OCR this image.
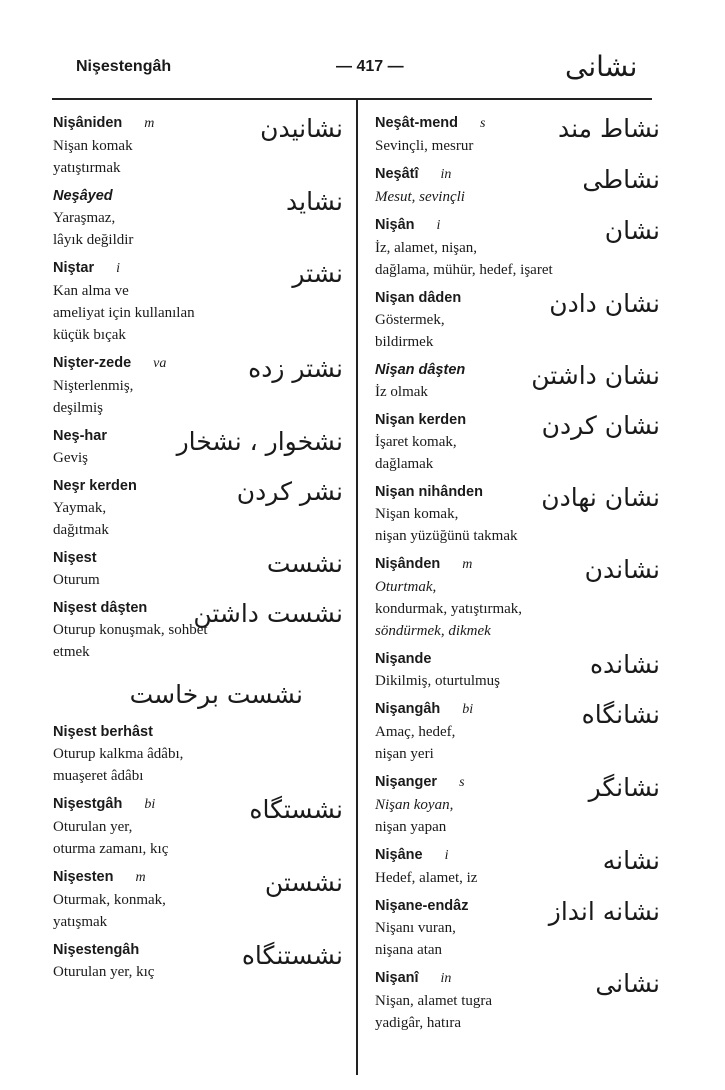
Nişestengâh	— 417 —	نشانی
Nişâniden m	نشانیدن
Nişan komak
yatıştırmak
Neşâyed	نشاید
Yaraşmaz,
lâyık değildir
Niştar i	نشتر
Kan alma ve
ameliyat için kullanılan
küçük bıçak
Nişter-zede va	نشتر زده
Nişterlenmiş,
deşilmiş
Neş-har	نشخوار ، نشخار
Geviş
Neşr kerden	نشر کردن
Yaymak,
dağıtmak
Nişest	نشست
Oturum
Nişest dâşten	نشست داشتن
Oturup konuşmak, sohbet
etmek
نشست برخاست
Nişest berhâst
Oturup kalkma âdâbı,
muaşeret âdâbı
Nişestgâh bi	نشستگاه
Oturulan yer,
oturma zamanı, kıç
Nişesten m	نشستن
Oturmak, konmak,
yatışmak
Nişestengâh	نشستنگاه
Oturulan yer, kıç
Neşât-mend s	نشاط مند
Sevinçli, mesrur
Neşâtî in	نشاطی
Mesut, sevinçli
Nişân i	نشان
İz, alamet, nişan,
dağlama, mühür, hedef, işaret
Nişan dâden	نشان دادن
Göstermek,
bildirmek
Nişan dâşten	نشان داشتن
İz olmak
Nişan kerden	نشان کردن
İşaret komak,
dağlamak
Nişan nihânden	نشان نهادن
Nişan komak,
nişan yüzüğünü takmak
Nişânden m	نشاندن
Oturtmak,
kondurmak, yatıştırmak,
söndürmek, dikmek
Nişande	نشانده
Dikilmiş, oturtulmuş
Nişangâh bi	نشانگاه
Amaç, hedef,
nişan yeri
Nişanger s	نشانگر
Nişan koyan,
nişan yapan
Nişâne i	نشانه
Hedef, alamet, iz
Nişane-endâz	نشانه انداز
Nişanı vuran,
nişana atan
Nişanî in	نشانی
Nişan, alamet tugra
yadigâr, hatıra
